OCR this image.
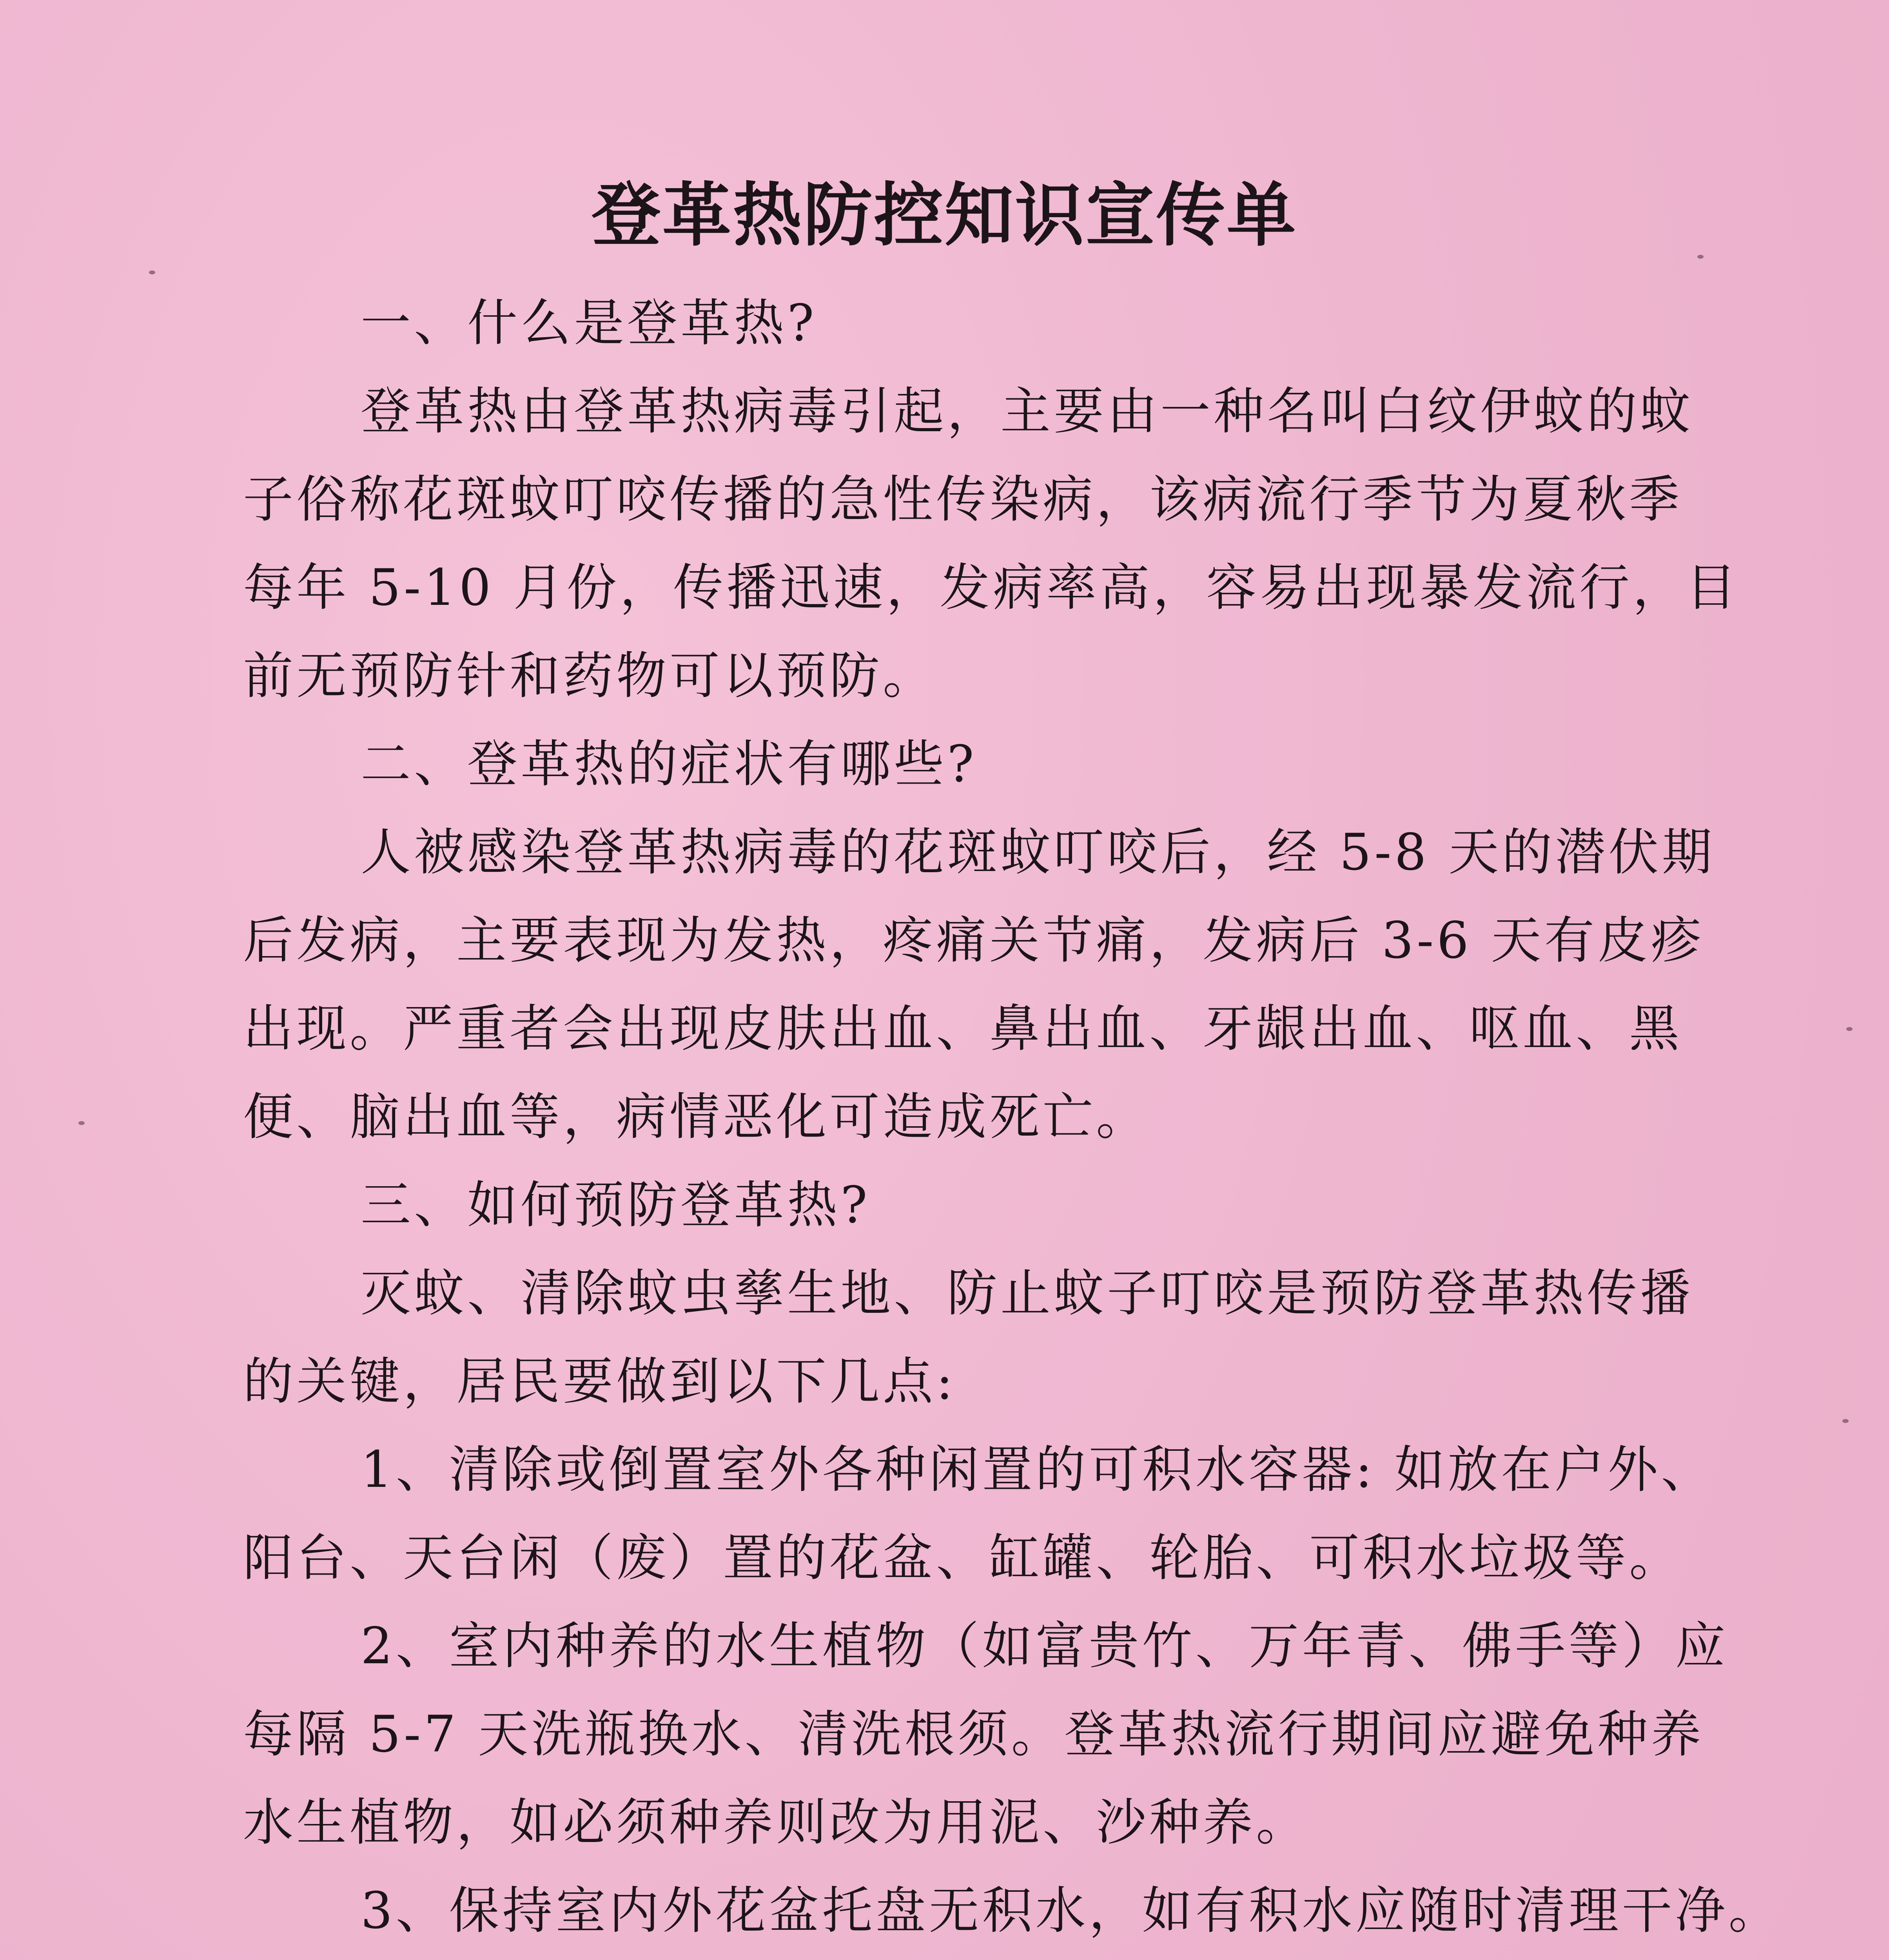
登革热防控知识宣传单
一、什么是登革热?
登革热由登革热病毒引起，主要由一种名叫白纹伊蚊的蚊
子俗称花斑蚊叮咬传播的急性传染病，该病流行季节为夏秋季
每年 5-10 月份，传播迅速，发病率高，容易出现暴发流行，目
前无预防针和药物可以预防。
二、登革热的症状有哪些?
人被感染登革热病毒的花斑蚊叮咬后，经 5-8 天的潜伏期
后发病，主要表现为发热，疼痛关节痛，发病后 3-6 天有皮疹
出现。严重者会出现皮肤出血、鼻出血、牙龈出血、呕血、黑
便、脑出血等，病情恶化可造成死亡。
三、如何预防登革热?
灭蚊、清除蚊虫孳生地、防止蚊子叮咬是预防登革热传播
的关键，居民要做到以下几点:
1、清除或倒置室外各种闲置的可积水容器: 如放在户外、
阳台、天台闲（废）置的花盆、缸罐、轮胎、可积水垃圾等。
2、室内种养的水生植物（如富贵竹、万年青、佛手等）应
每隔 5-7 天洗瓶换水、清洗根须。登革热流行期间应避免种养
水生植物，如必须种养则改为用泥、沙种养。
3、保持室内外花盆托盘无积水，如有积水应随时清理干净。
